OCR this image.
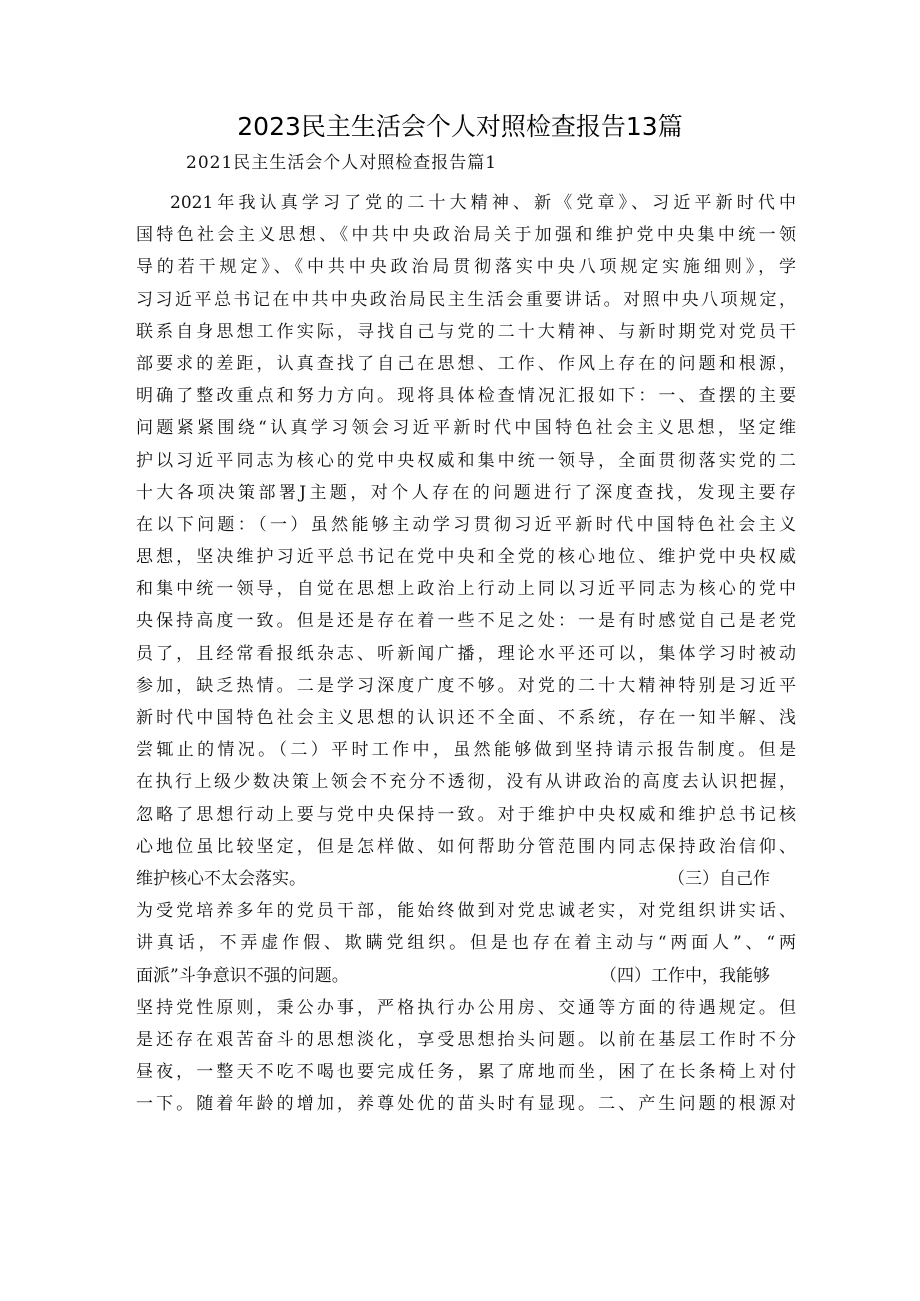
2023民主生活会个人对照检查报告13篇
2021民主生活会个人对照检查报告篇1
2021年我认真学习了党的二十大精神、新《党章》、习近平新时代中
国特色社会主义思想、《中共中央政治局关于加强和维护党中央集中统一领
导的若干规定》、《中共中央政治局贯彻落实中央八项规定实施细则》，学
习习近平总书记在中共中央政治局民主生活会重要讲话。对照中央八项规定，
联系自身思想工作实际，寻找自己与党的二十大精神、与新时期党对党员干
部要求的差距，认真查找了自己在思想、工作、作风上存在的问题和根源，
明确了整改重点和努力方向。现将具体检查情况汇报如下：一、查摆的主要
问题紧紧围绕“认真学习领会习近平新时代中国特色社会主义思想，坚定维
护以习近平同志为核心的党中央权威和集中统一领导，全面贯彻落实党的二
十大各项决策部署J主题，对个人存在的问题进行了深度查找，发现主要存
在以下问题：（一）虽然能够主动学习贯彻习近平新时代中国特色社会主义
思想，坚决维护习近平总书记在党中央和全党的核心地位、维护党中央权威
和集中统一领导，自觉在思想上政治上行动上同以习近平同志为核心的党中
央保持高度一致。但是还是存在着一些不足之处：一是有时感觉自己是老党
员了，且经常看报纸杂志、听新闻广播，理论水平还可以，集体学习时被动
参加，缺乏热情。二是学习深度广度不够。对党的二十大精神特别是习近平
新时代中国特色社会主义思想的认识还不全面、不系统，存在一知半解、浅
尝辄止的情况。（二）平时工作中，虽然能够做到坚持请示报告制度。但是
在执行上级少数决策上领会不充分不透彻，没有从讲政治的高度去认识把握，
忽略了思想行动上要与党中央保持一致。对于维护中央权威和维护总书记核
心地位虽比较坚定，但是怎样做、如何帮助分管范围内同志保持政治信仰、
维护核心不太会落实。	（三）自己作
为受党培养多年的党员干部，能始终做到对党忠诚老实，对党组织讲实话、
讲真话，不弄虚作假、欺瞒党组织。但是也存在着主动与“两面人”、“两
面派”斗争意识不强的问题。	（四）工作中，我能够
坚持党性原则，秉公办事，严格执行办公用房、交通等方面的待遇规定。但
是还存在艰苦奋斗的思想淡化，享受思想抬头问题。以前在基层工作时不分
昼夜，一整天不吃不喝也要完成任务，累了席地而坐，困了在长条椅上对付
一下。随着年龄的增加，养尊处优的苗头时有显现。二、产生问题的根源对
